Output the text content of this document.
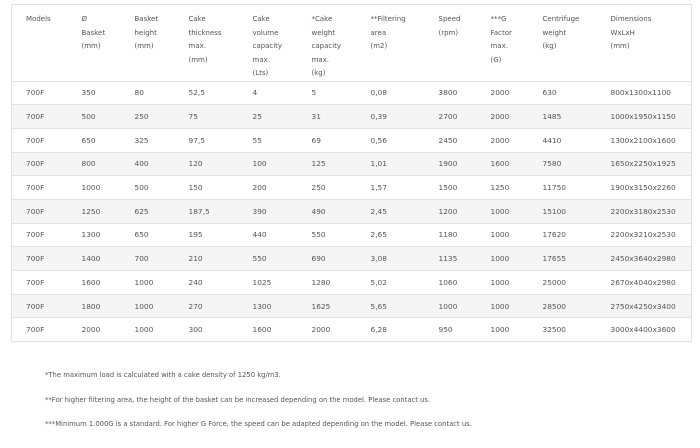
Models	Ø
Basket
(mm)	Basket
height
(mm)	Cake
thickness
max.
(mm)	Cake
volume
capacity
max.
(Lts)	*Cake
weight
capacity
max.
(kg)	**Filtering
area
(m2)	Speed
(rpm)	***G
Factor
max.
(G)	Centrifuge
weight
(kg)	Dimensions
WxLxH
(mm)

700F	350	80	52,5	4	5	0,08	3800	2000	630	800x1300x1100
700F	500	250	75	25	31	0,39	2700	2000	1485	1000x1950x1150
700F	650	325	97,5	55	69	0,56	2450	2000	4410	1300x2100x1600
700F	800	400	120	100	125	1,01	1900	1600	7580	1650x2250x1925
700F	1000	500	150	200	250	1,57	1500	1250	11750	1900x3150x2260
700F	1250	625	187,5	390	490	2,45	1200	1000	15100	2200x3180x2530
700F	1300	650	195	440	550	2,65	1180	1000	17620	2200x3210x2530
700F	1400	700	210	550	690	3,08	1135	1000	17655	2450x3640x2980
700F	1600	1000	240	1025	1280	5,02	1060	1000	25000	2670x4040x2980
700F	1800	1000	270	1300	1625	5,65	1000	1000	28500	2750x4250x3400
700F	2000	1000	300	1600	2000	6,28	950	1000	32500	3000x4400x3600
*The maximum load is calculated with a cake density of 1250 kg/m3.
**For higher filtering area, the height of the basket can be increased depending on the model. Please contact us.
***Minimum 1.000G is a standard. For higher G Force, the speed can be adapted depending on the model. Please contact us.
